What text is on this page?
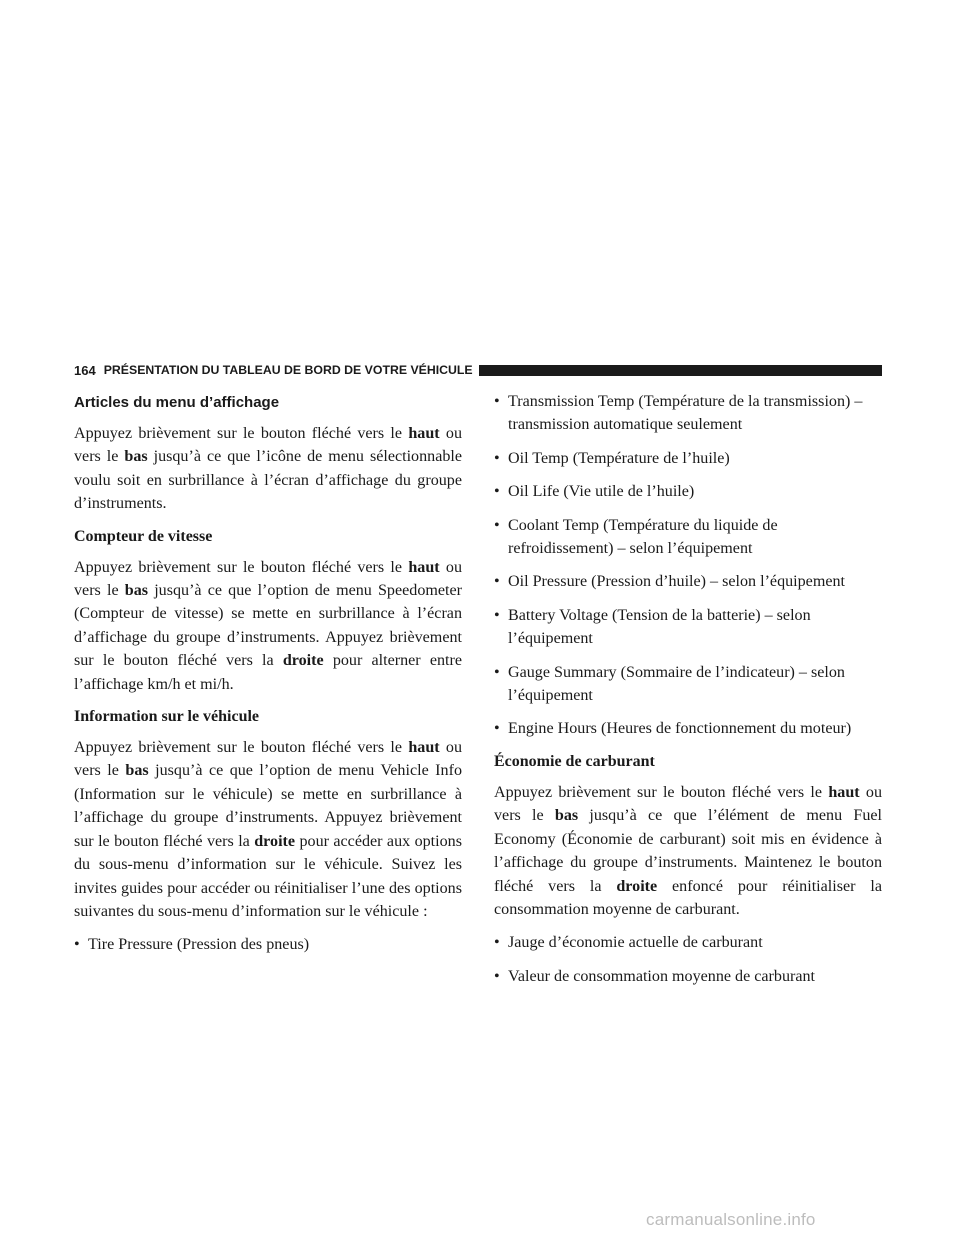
164 PRÉSENTATION DU TABLEAU DE BORD DE VOTRE VÉHICULE
Articles du menu d’affichage

Appuyez brièvement sur le bouton fléché vers le haut ou vers le bas jusqu’à ce que l’icône de menu sélectionnable voulu soit en surbrillance à l’écran d’affichage du groupe d’instruments.

Compteur de vitesse

Appuyez brièvement sur le bouton fléché vers le haut ou vers le bas jusqu’à ce que l’option de menu Speedometer (Compteur de vitesse) se mette en surbrillance à l’écran d’affichage du groupe d’instruments. Appuyez brièvement sur le bouton fléché vers la droite pour alterner entre l’affichage km/h et mi/h.

Information sur le véhicule

Appuyez brièvement sur le bouton fléché vers le haut ou vers le bas jusqu’à ce que l’option de menu Vehicle Info (Information sur le véhicule) se mette en surbrillance à l’affichage du groupe d’instruments. Appuyez brièvement sur le bouton fléché vers la droite pour accéder aux options du sous-menu d’information sur le véhicule. Suivez les invites guides pour accéder ou réinitialiser l’une des options suivantes du sous-menu d’information sur le véhicule :

• Tire Pressure (Pression des pneus)
• Transmission Temp (Température de la transmission) – transmission automatique seulement
• Oil Temp (Température de l’huile)
• Oil Life (Vie utile de l’huile)
• Coolant Temp (Température du liquide de refroidissement) – selon l’équipement
• Oil Pressure (Pression d’huile) – selon l’équipement
• Battery Voltage (Tension de la batterie) – selon l’équipement
• Gauge Summary (Sommaire de l’indicateur) – selon l’équipement
• Engine Hours (Heures de fonctionnement du moteur)
Économie de carburant

Appuyez brièvement sur le bouton fléché vers le haut ou vers le bas jusqu’à ce que l’élément de menu Fuel Economy (Économie de carburant) soit mis en évidence à l’affichage du groupe d’instruments. Maintenez le bouton fléché vers la droite enfoncé pour réinitialiser la consommation moyenne de carburant.

• Jauge d’économie actuelle de carburant
• Valeur de consommation moyenne de carburant
carmanualsonline.info
